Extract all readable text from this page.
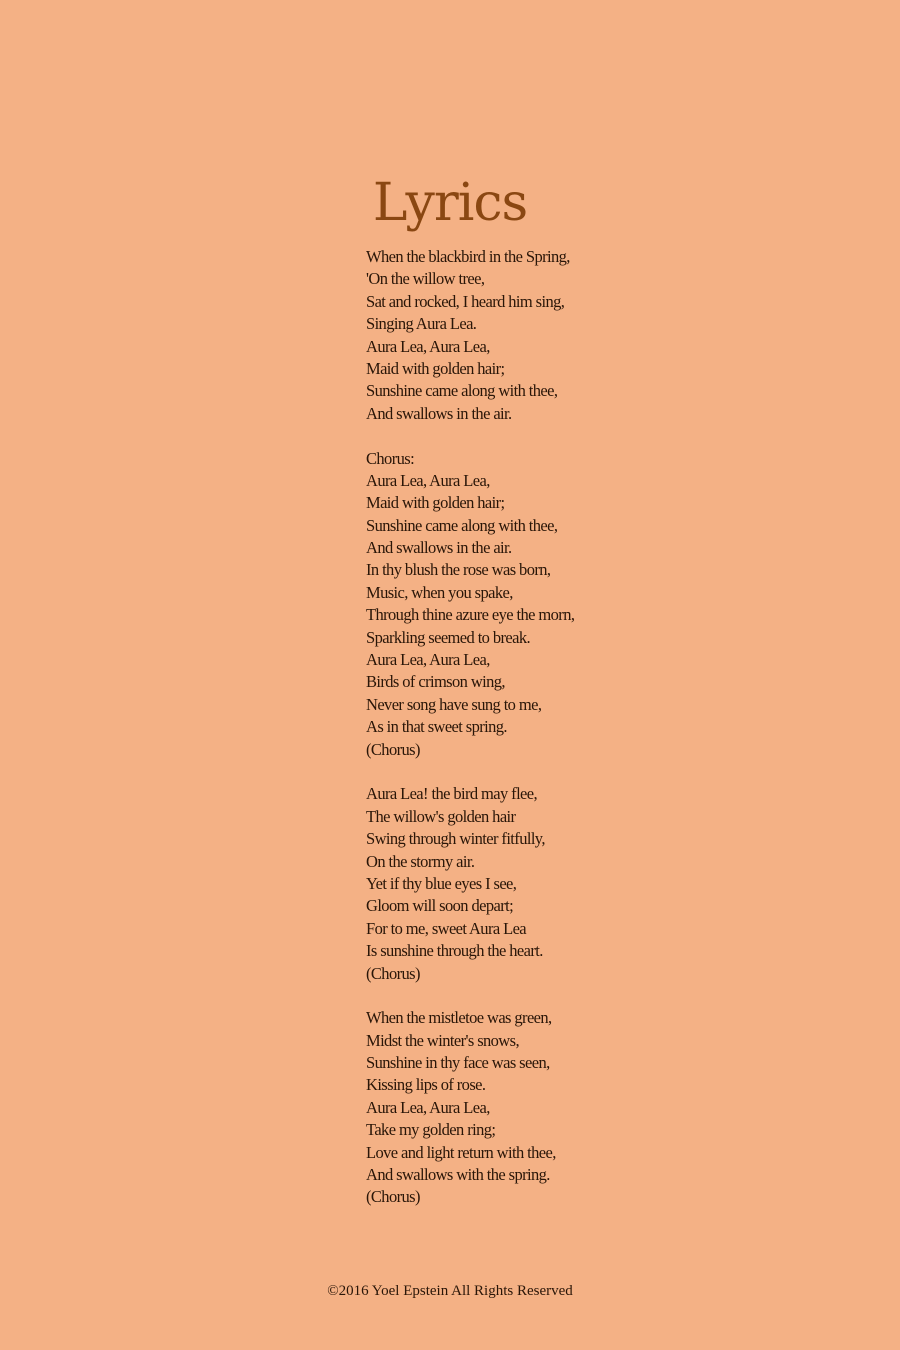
Lyrics
When the blackbird in the Spring,
'On the willow tree,
Sat and rocked, I heard him sing,
Singing Aura Lea.
Aura Lea, Aura Lea,
Maid with golden hair;
Sunshine came along with thee,
And swallows in the air.
Chorus:
Aura Lea, Aura Lea,
Maid with golden hair;
Sunshine came along with thee,
And swallows in the air.
In thy blush the rose was born,
Music, when you spake,
Through thine azure eye the morn,
Sparkling seemed to break.
Aura Lea, Aura Lea,
Birds of crimson wing,
Never song have sung to me,
As in that sweet spring.
(Chorus)
Aura Lea! the bird may flee,
The willow's golden hair
Swing through winter fitfully,
On the stormy air.
Yet if thy blue eyes I see,
Gloom will soon depart;
For to me, sweet Aura Lea
Is sunshine through the heart.
(Chorus)
When the mistletoe was green,
Midst the winter's snows,
Sunshine in thy face was seen,
Kissing lips of rose.
Aura Lea, Aura Lea,
Take my golden ring;
Love and light return with thee,
And swallows with the spring.
(Chorus)
©2016 Yoel Epstein All Rights Reserved
